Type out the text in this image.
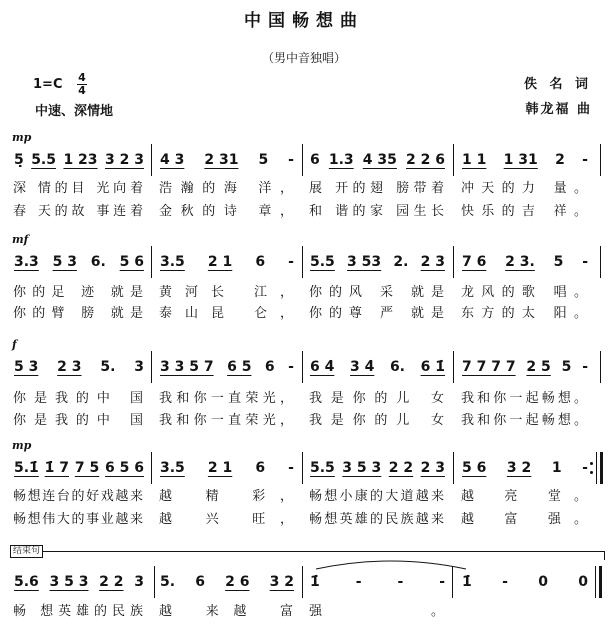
中国畅想曲
（男中音独唱）
1=C 4
4
中速、深情地
佚 名 词
韩龙福 曲
mp
5̣ 5.5 1 23 3 2 3
深 情的目 光向着
春 天的故 事连着
4 3 2 31 5 -
浩瀚的海 洋，
金秋的诗 章，
6 1.3 4 35 2 2 6
展 开的翅 膀带着
和 谐的家 园生长
1 1 1 31 2 -
冲天的力 量。
快乐的吉 祥。
mf
3.3 5 3 6. 5 6
你的足 迹 就是
你的臂 膀 就是
3.5 2 1 6 -
黄河长 江，
泰山昆 仑，
5.5 3 53 2. 2 3
你的风 采 就是
你的尊 严 就是
7 6 2 3. 5 -
龙风的歌 唱。
东方的太 阳。
f
5 3 2 3 5. 3
你是我的中 国
你是我的中 国
3 3 5 7 6 5 6 -
我和你一直荣光，
我和你一直荣光，
6 4̇ 3 4̇ 6. 6 1̇
我是你的儿 女
我是你的儿 女
7 7 7 7 2 5 5 -
我和你一起畅想。
我和你一起畅想。
mp
5.1̇ 1̇ 7 7 5 6 5 6
畅想连台的好戏越来
畅想伟大的事业越来
3.5 2 1 6 -
越 精 彩，
越 兴 旺，
5.5 3 5 3 2 2 2 3
畅想小康的大道越来
畅想英雄的民族越来
5 6 3 2 1 -
越 亮 堂。
越 富 强。
5.6 3 5 3 2 2 3
畅 想英雄的民族
5. 6 2 6 3 2
越 来越 富
1̇	-	-	-
强。
1̇ - 0 0
结束句
